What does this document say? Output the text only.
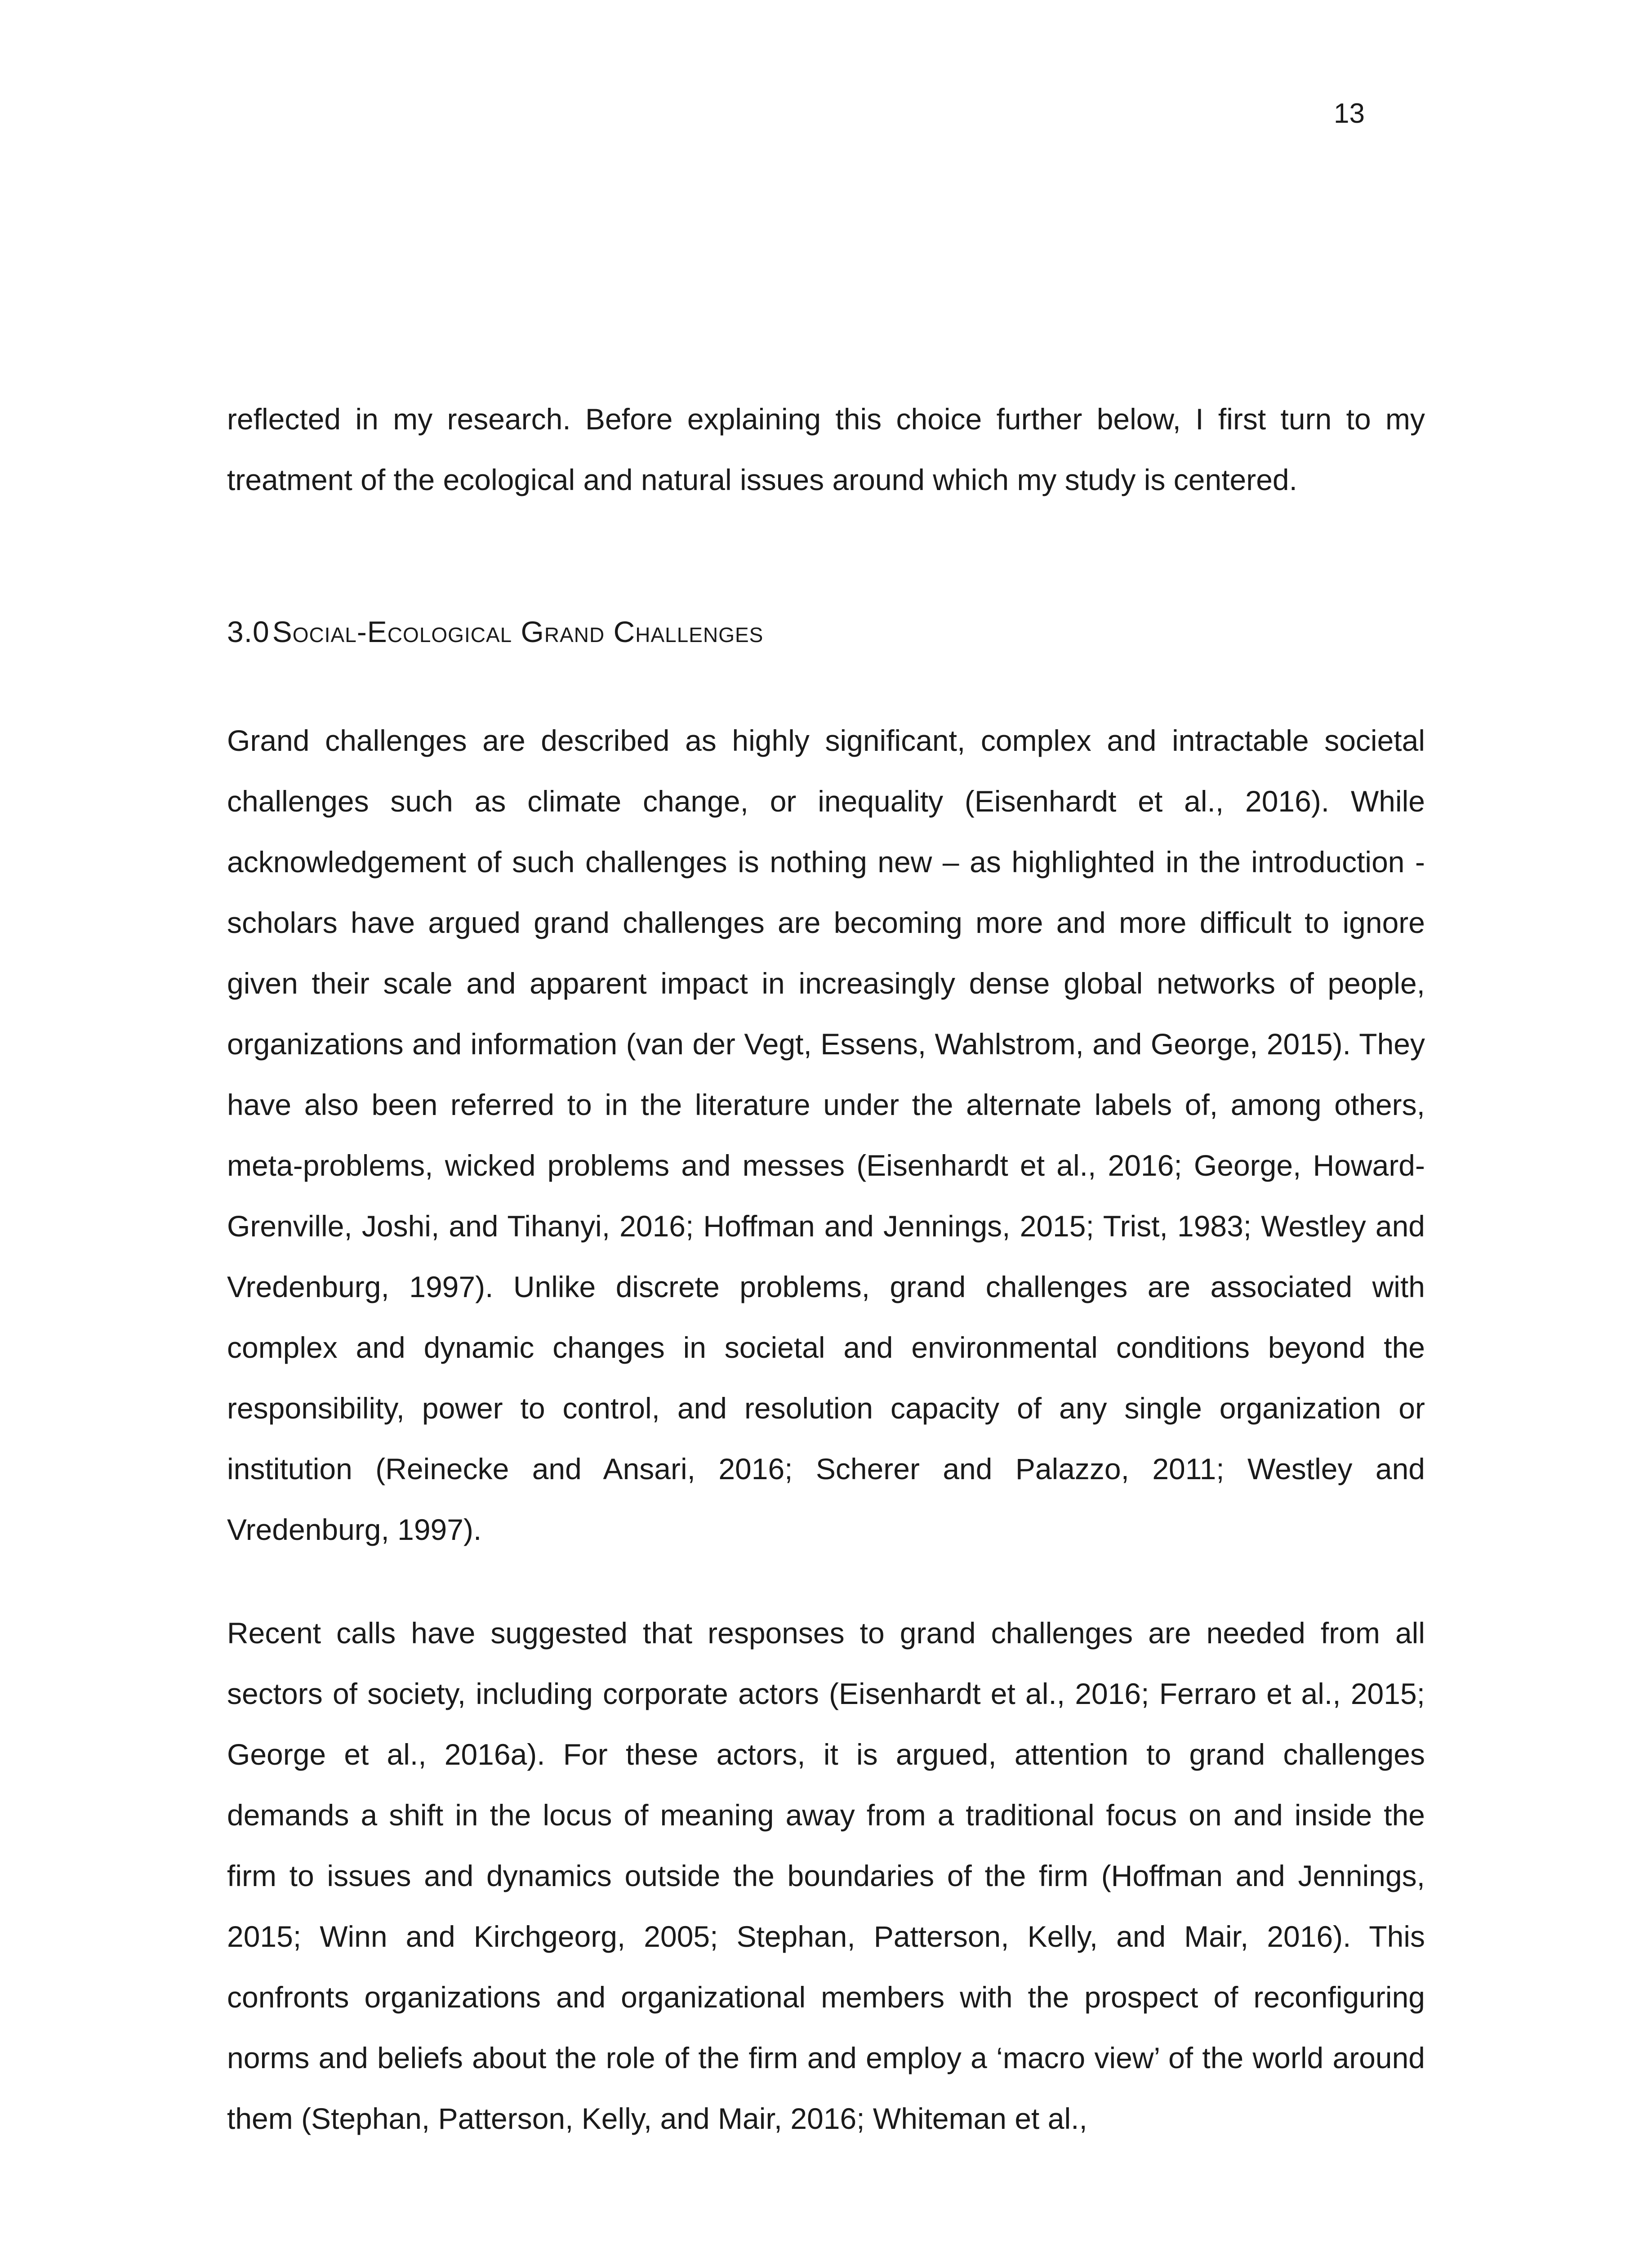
13
reflected in my research. Before explaining this choice further below, I first turn to my treatment of the ecological and natural issues around which my study is centered.
3.0Social-Ecological Grand Challenges
Grand challenges are described as highly significant, complex and intractable societal challenges such as climate change, or inequality (Eisenhardt et al., 2016). While acknowledgement of such challenges is nothing new – as highlighted in the introduction - scholars have argued grand challenges are becoming more and more difficult to ignore given their scale and apparent impact in increasingly dense global networks of people, organizations and information (van der Vegt, Essens, Wahlstrom, and George, 2015). They have also been referred to in the literature under the alternate labels of, among others, meta-problems, wicked problems and messes (Eisenhardt et al., 2016; George, Howard-Grenville, Joshi, and Tihanyi, 2016; Hoffman and Jennings, 2015; Trist, 1983; Westley and Vredenburg, 1997). Unlike discrete problems, grand challenges are associated with complex and dynamic changes in societal and environmental conditions beyond the responsibility, power to control, and resolution capacity of any single organization or institution (Reinecke and Ansari, 2016; Scherer and Palazzo, 2011; Westley and Vredenburg, 1997).
Recent calls have suggested that responses to grand challenges are needed from all sectors of society, including corporate actors (Eisenhardt et al., 2016; Ferraro et al., 2015; George et al., 2016a). For these actors, it is argued, attention to grand challenges demands a shift in the locus of meaning away from a traditional focus on and inside the firm to issues and dynamics outside the boundaries of the firm (Hoffman and Jennings, 2015; Winn and Kirchgeorg, 2005; Stephan, Patterson, Kelly, and Mair, 2016). This confronts organizations and organizational members with the prospect of reconfiguring norms and beliefs about the role of the firm and employ a ‘macro view’ of the world around them (Stephan, Patterson, Kelly, and Mair, 2016; Whiteman et al.,
